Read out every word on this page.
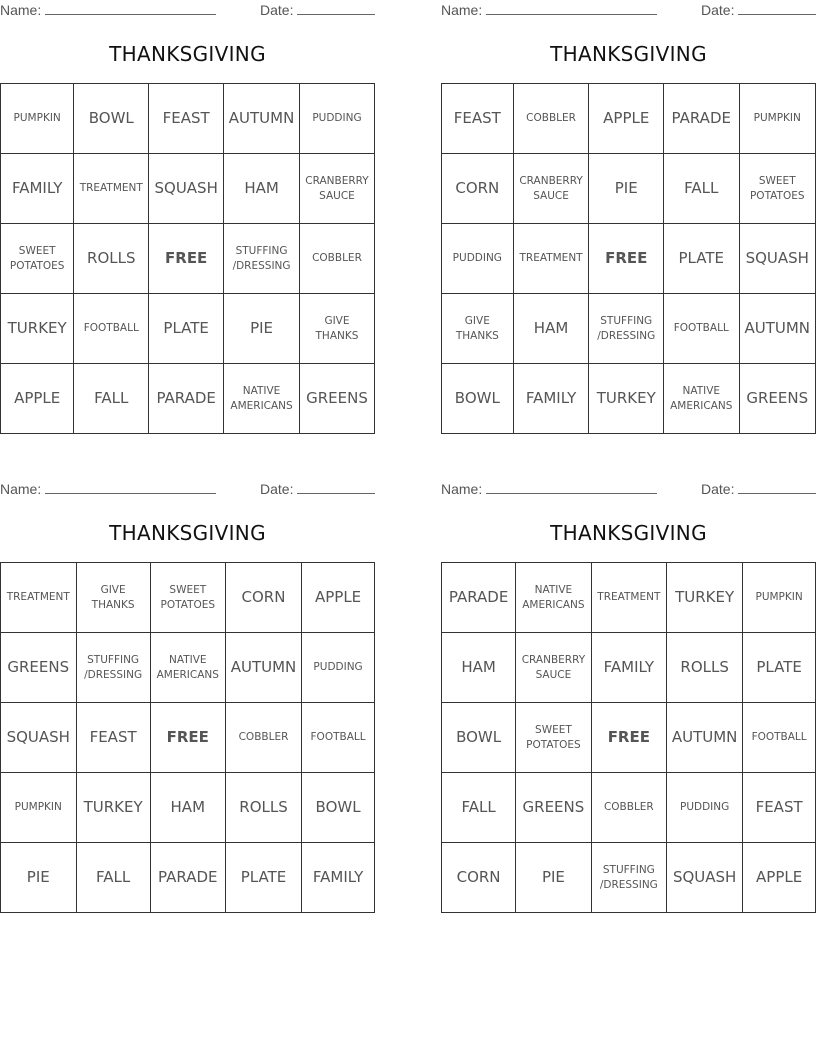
Name:	Date:
THANKSGIVING
PUMPKIN	BOWL	FEAST	AUTUMN	PUDDING
FAMILY	TREATMENT	SQUASH	HAM	CRANBERRY SAUCE
SWEET POTATOES	ROLLS	FREE	STUFFING /DRESSING	COBBLER
TURKEY	FOOTBALL	PLATE	PIE	GIVE THANKS
APPLE	FALL	PARADE	NATIVE AMERICANS	GREENS
Name:	Date:
THANKSGIVING
FEAST	COBBLER	APPLE	PARADE	PUMPKIN
CORN	CRANBERRY SAUCE	PIE	FALL	SWEET POTATOES
PUDDING	TREATMENT	FREE	PLATE	SQUASH
GIVE THANKS	HAM	STUFFING /DRESSING	FOOTBALL	AUTUMN
BOWL	FAMILY	TURKEY	NATIVE AMERICANS	GREENS
Name:	Date:
THANKSGIVING
TREATMENT	GIVE THANKS	SWEET POTATOES	CORN	APPLE
GREENS	STUFFING /DRESSING	NATIVE AMERICANS	AUTUMN	PUDDING
SQUASH	FEAST	FREE	COBBLER	FOOTBALL
PUMPKIN	TURKEY	HAM	ROLLS	BOWL
PIE	FALL	PARADE	PLATE	FAMILY
Name:	Date:
THANKSGIVING
PARADE	NATIVE AMERICANS	TREATMENT	TURKEY	PUMPKIN
HAM	CRANBERRY SAUCE	FAMILY	ROLLS	PLATE
BOWL	SWEET POTATOES	FREE	AUTUMN	FOOTBALL
FALL	GREENS	COBBLER	PUDDING	FEAST
CORN	PIE	STUFFING /DRESSING	SQUASH	APPLE
